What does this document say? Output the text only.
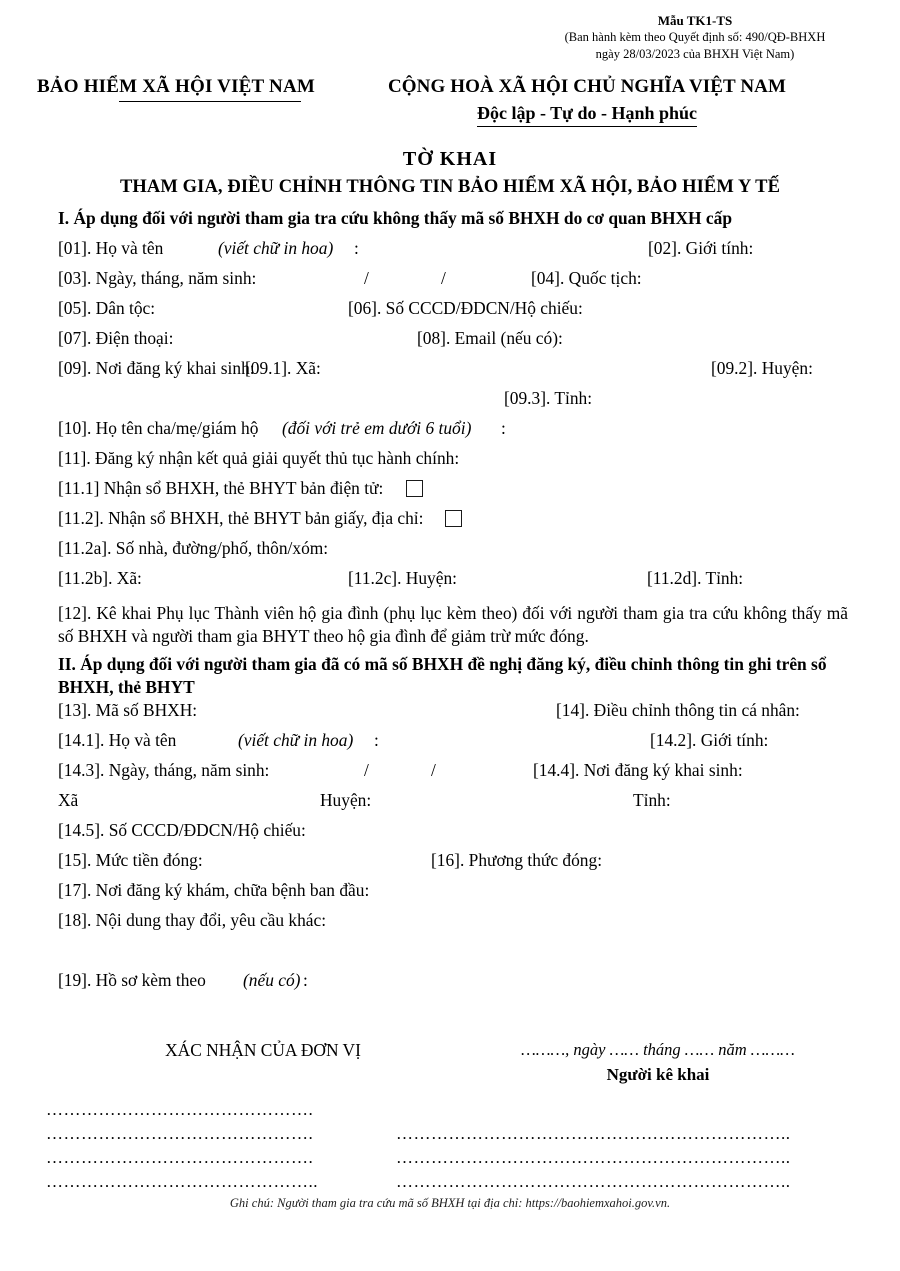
Mẫu TK1-TS
(Ban hành kèm theo Quyết định số: 490/QĐ-BHXH
ngày 28/03/2023 của BHXH Việt Nam)
BẢO HIỂM XÃ HỘI VIỆT NAM	CỘNG HOÀ XÃ HỘI CHỦ NGHĨA VIỆT NAM
Độc lập - Tự do - Hạnh phúc
TỜ KHAI
THAM GIA, ĐIỀU CHỈNH THÔNG TIN BẢO HIỂM XÃ HỘI, BẢO HIỂM Y TẾ
I. Áp dụng đối với người tham gia tra cứu không thấy mã số BHXH do cơ quan BHXH cấp
[01]. Họ và tên	(viết chữ in hoa) :	[02]. Giới tính:
[03]. Ngày, tháng, năm sinh:	/	/	[04]. Quốc tịch:
[05]. Dân tộc:	[06]. Số CCCD/ĐDCN/Hộ chiếu:
[07]. Điện thoại:	[08]. Email (nếu có):
[09]. Nơi đăng ký khai sinh:
[09.1]. Xã:	[09.2]. Huyện:
[09.3]. Tỉnh:
[10]. Họ tên cha/mẹ/giám hộ (đối với trẻ em dưới 6 tuổi) :
[11]. Đăng ký nhận kết quả giải quyết thủ tục hành chính:
[11.1] Nhận sổ BHXH, thẻ BHYT bản điện tử:
[11.2]. Nhận sổ BHXH, thẻ BHYT bản giấy, địa chỉ:
[11.2a]. Số nhà, đường/phố, thôn/xóm:
[11.2b]. Xã:	[11.2c]. Huyện:	[11.2d]. Tỉnh:
[12]. Kê khai Phụ lục Thành viên hộ gia đình (phụ lục kèm theo) đối với người tham gia tra cứu không thấy mã số BHXH và người tham gia BHYT theo hộ gia đình để giảm trừ mức đóng.
II. Áp dụng đối với người tham gia đã có mã số BHXH đề nghị đăng ký, điều chỉnh thông tin ghi trên sổ BHXH, thẻ BHYT
[13]. Mã số BHXH:	[14]. Điều chỉnh thông tin cá nhân:
[14.1]. Họ và tên	(viết chữ in hoa) :	[14.2]. Giới tính:
[14.3]. Ngày, tháng, năm sinh:	/	/	[14.4]. Nơi đăng ký khai sinh:
Xã	Huyện:	Tỉnh:
[14.5]. Số CCCD/ĐDCN/Hộ chiếu:
[15]. Mức tiền đóng:	[16]. Phương thức đóng:
[17]. Nơi đăng ký khám, chữa bệnh ban đầu:
[18]. Nội dung thay đổi, yêu cầu khác:
[19]. Hồ sơ kèm theo (nếu có) :
XÁC NHẬN CỦA ĐƠN VỊ	………, ngày …… tháng …… năm ………
Người kê khai
……………………………………….
……………………………………….
……………………………………….
………………………………………..
…………………………………………………………..
…………………………………………………………..
…………………………………………………………..
Ghi chú: Người tham gia tra cứu mã số BHXH tại địa chỉ: https://baohiemxahoi.gov.vn.
